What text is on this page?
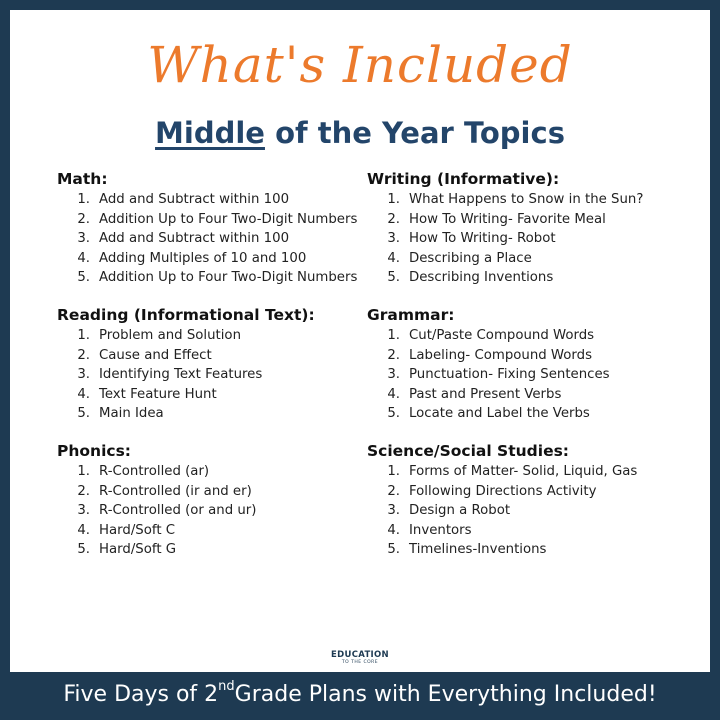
What's Included
Middle of the Year Topics
Math:
1. Add and Subtract within 100
2. Addition Up to Four Two-Digit Numbers
3. Add and Subtract within 100
4. Adding Multiples of 10 and 100
5. Addition Up to Four Two-Digit Numbers
Reading (Informational Text):
1. Problem and Solution
2. Cause and Effect
3. Identifying Text Features
4. Text Feature Hunt
5. Main Idea
Phonics:
1. R-Controlled (ar)
2. R-Controlled (ir and er)
3. R-Controlled (or and ur)
4. Hard/Soft C
5. Hard/Soft G
Writing (Informative):
1. What Happens to Snow in the Sun?
2. How To Writing- Favorite Meal
3. How To Writing- Robot
4. Describing a Place
5. Describing Inventions
Grammar:
1. Cut/Paste Compound Words
2. Labeling- Compound Words
3. Punctuation- Fixing Sentences
4. Past and Present Verbs
5. Locate and Label the Verbs
Science/Social Studies:
1. Forms of Matter- Solid, Liquid, Gas
2. Following Directions Activity
3. Design a Robot
4. Inventors
5. Timelines-Inventions
EDUCATION
TO THE CORE
Five Days of 2ndGrade Plans with Everything Included!
